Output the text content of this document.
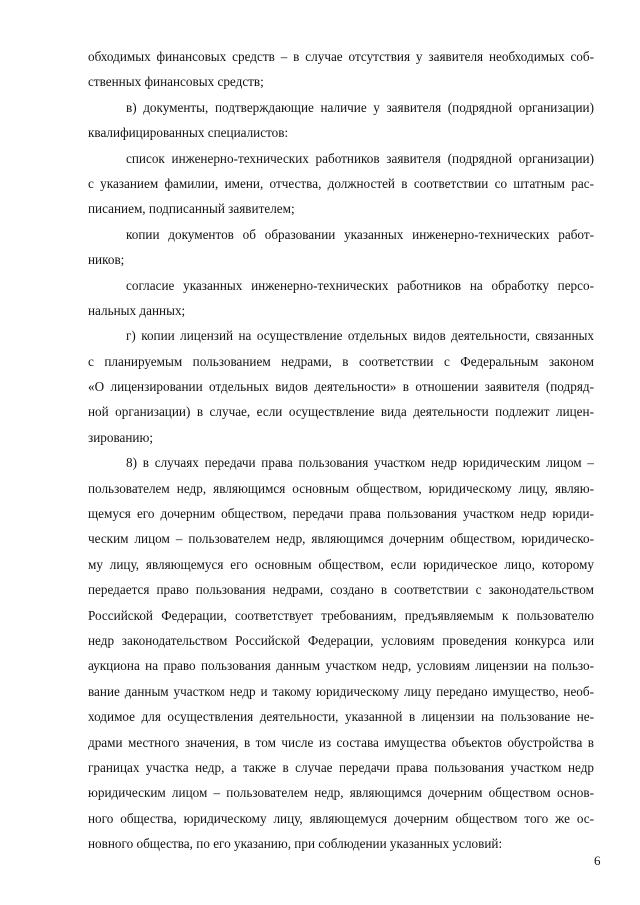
обходимых финансовых средств – в случае отсутствия у заявителя необходимых соб-
ственных финансовых средств;
в) документы, подтверждающие наличие у заявителя (подрядной организации)
квалифицированных специалистов:
список инженерно-технических работников заявителя (подрядной организации)
с указанием фамилии, имени, отчества, должностей в соответствии со штатным рас-
писанием, подписанный заявителем;
копии документов об образовании указанных инженерно-технических работ-
ников;
согласие указанных инженерно-технических работников на обработку персо-
нальных данных;
г) копии лицензий на осуществление отдельных видов деятельности, связанных
с планируемым пользованием недрами, в соответствии с Федеральным законом
«О лицензировании отдельных видов деятельности» в отношении заявителя (подряд-
ной организации) в случае, если осуществление вида деятельности подлежит лицен-
зированию;
8) в случаях передачи права пользования участком недр юридическим лицом –
пользователем недр, являющимся основным обществом, юридическому лицу, являю-
щемуся его дочерним обществом, передачи права пользования участком недр юриди-
ческим лицом – пользователем недр, являющимся дочерним обществом, юридическо-
му лицу, являющемуся его основным обществом, если юридическое лицо, которому
передается право пользования недрами, создано в соответствии с законодательством
Российской Федерации, соответствует требованиям, предъявляемым к пользователю
недр законодательством Российской Федерации, условиям проведения конкурса или
аукциона на право пользования данным участком недр, условиям лицензии на пользо-
вание данным участком недр и такому юридическому лицу передано имущество, необ-
ходимое для осуществления деятельности, указанной в лицензии на пользование не-
драми местного значения, в том числе из состава имущества объектов обустройства в
границах участка недр, а также в случае передачи права пользования участком недр
юридическим лицом – пользователем недр, являющимся дочерним обществом основ-
ного общества, юридическому лицу, являющемуся дочерним обществом того же ос-
новного общества, по его указанию, при соблюдении указанных условий:
6
